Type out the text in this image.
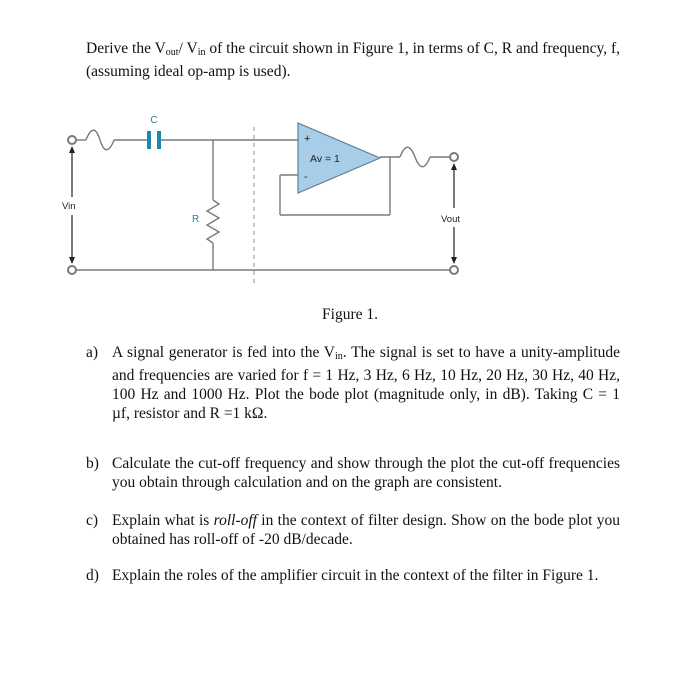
Derive the $V_{out}/$ $V_{in}$ of the circuit shown in Figure 1, in terms of C, R and frequency, f, (assuming ideal op-amp is used).
C
+
-
Av = 1
Vin
Vout
R
Figure 1.
a) A signal generator is fed into the $V_{in}$. The signal is set to have a unity-amplitude and frequencies are varied for f = 1 Hz, 3 Hz, 6 Hz, 10 Hz, 20 Hz, 30 Hz, 40 Hz, 100 Hz and 1000 Hz. Plot the bode plot (magnitude only, in dB). Taking C = 1 µf, resistor and R =1 kΩ.
b) Calculate the cut-off frequency and show through the plot the cut-off frequencies you obtain through calculation and on the graph are consistent.
c) Explain what is roll-off in the context of filter design. Show on the bode plot you obtained has roll-off of -20 dB/decade.
d) Explain the roles of the amplifier circuit in the context of the filter in Figure 1.
